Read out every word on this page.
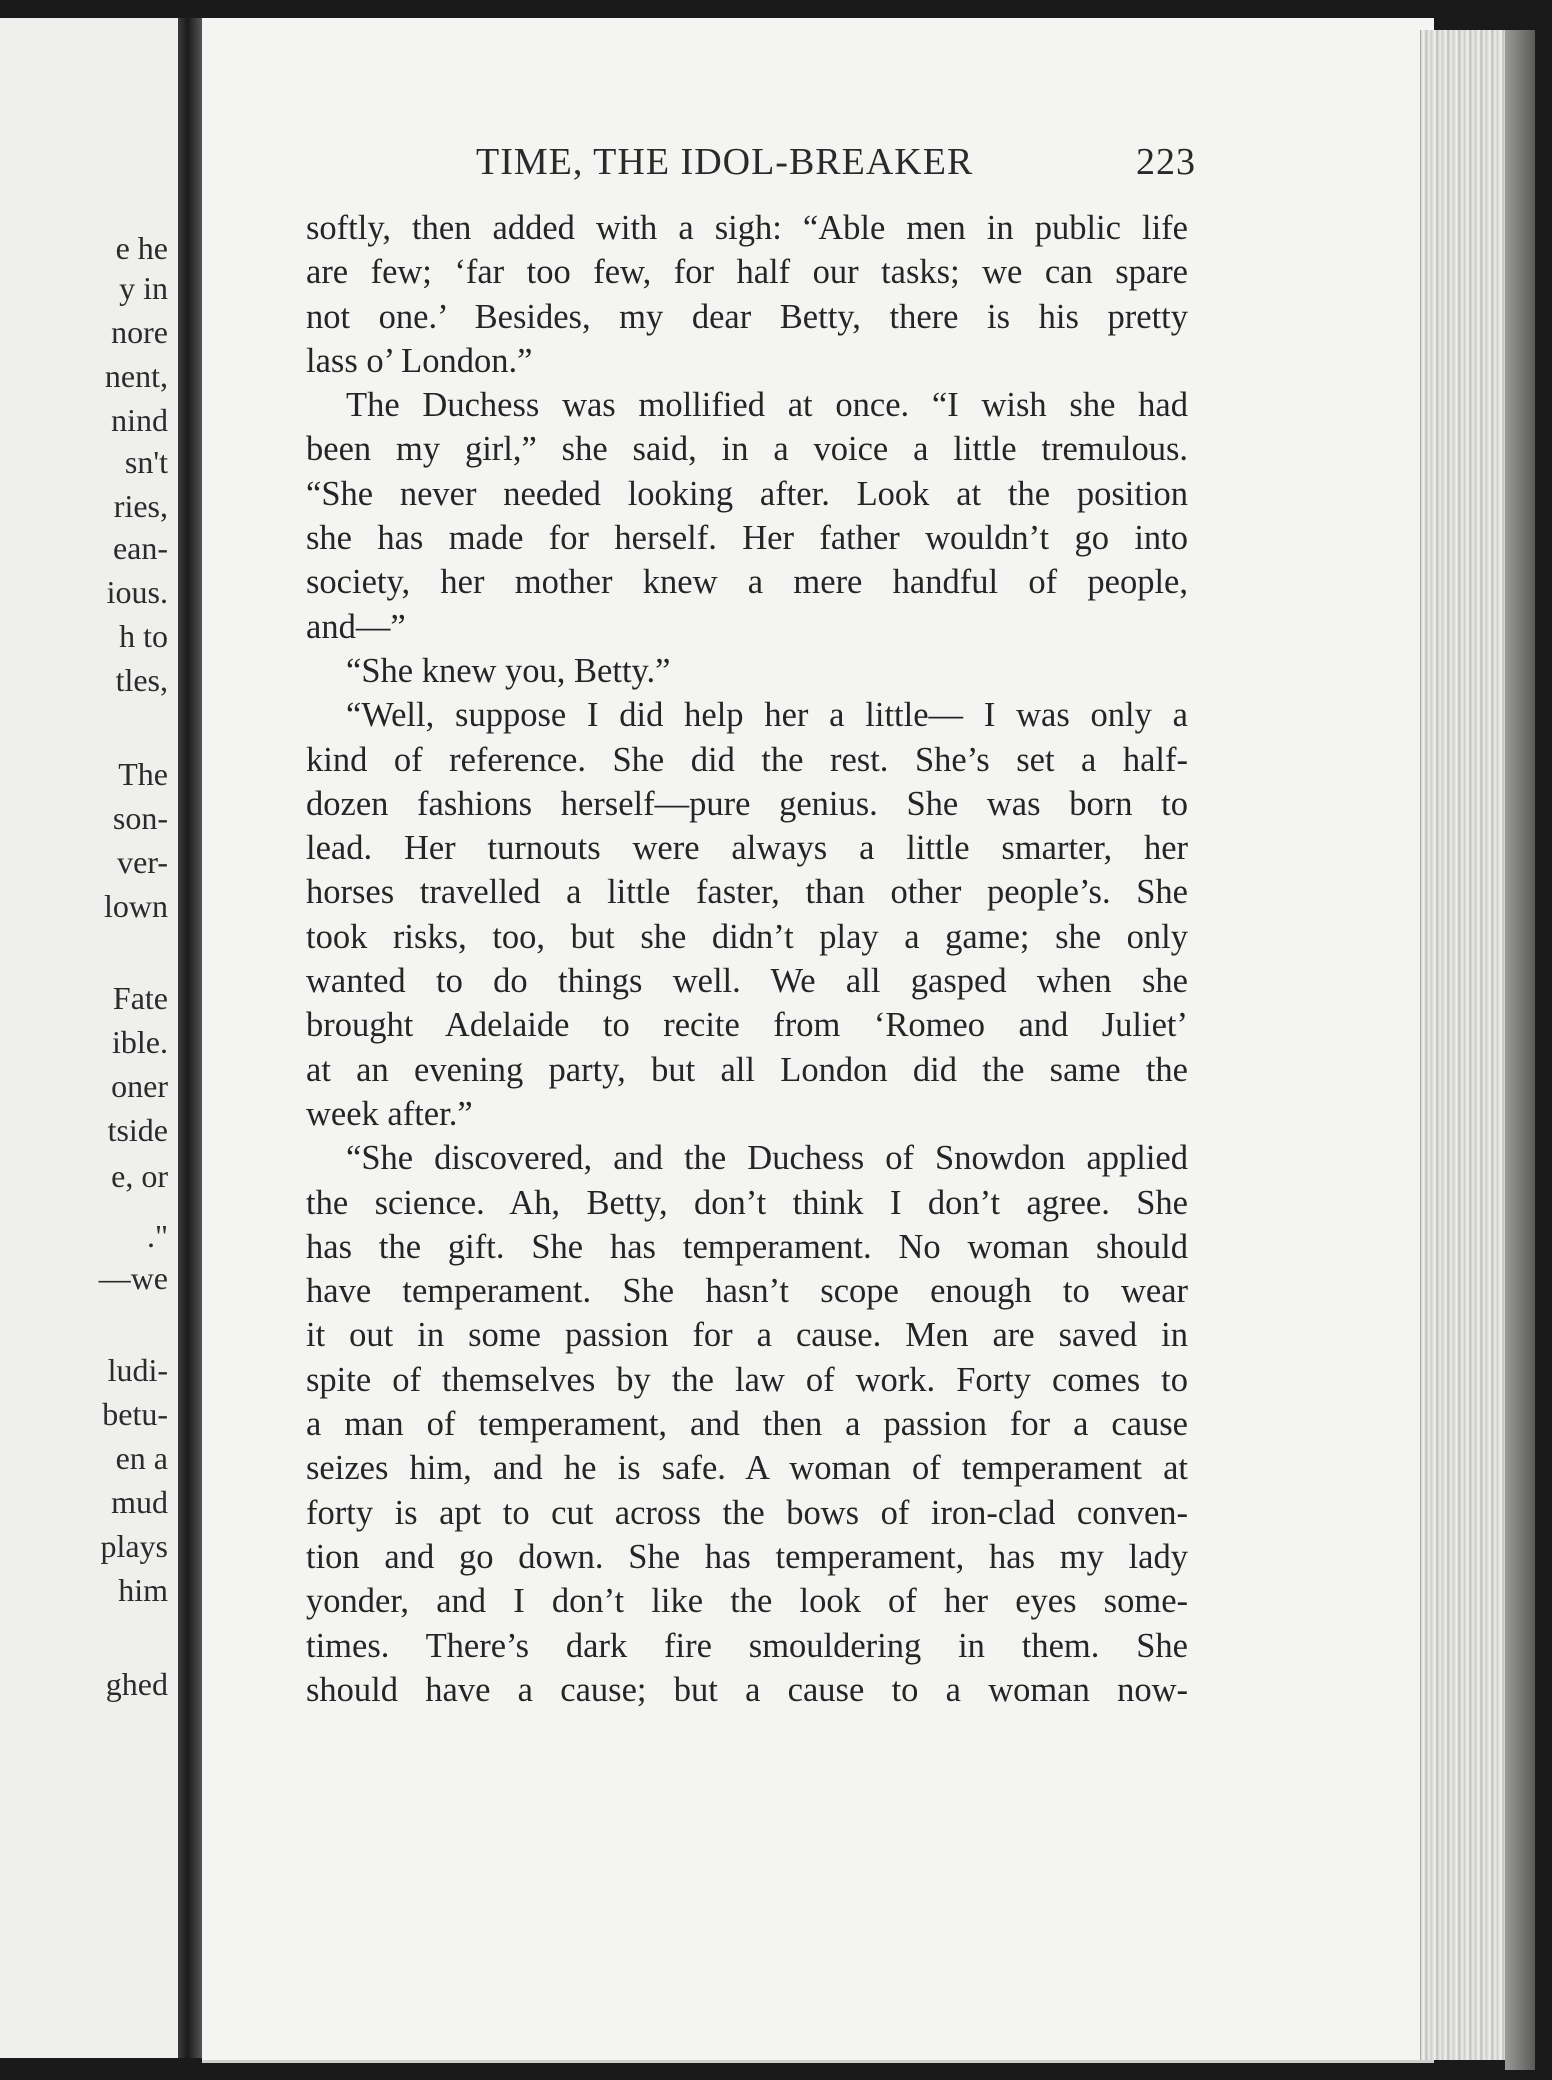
e he
y in
nore
nent,
nind
sn't
ries,
ean-
ious.
h to
tles,
The
son-
ver-
lown
Fate
ible.
oner
tside
e, or
."
—we
ludi-
betu-
en a
mud
plays
him
ghed
TIME, THE IDOL-BREAKER	223
softly, then added with a sigh: “Able men in public life
are few; ‘far too few, for half our tasks; we can spare
not one.’ Besides, my dear Betty, there is his pretty
lass o’ London.”
The Duchess was mollified at once. “I wish she had
been my girl,” she said, in a voice a little tremulous.
“She never needed looking after. Look at the position
she has made for herself. Her father wouldn’t go into
society, her mother knew a mere handful of people,
and—”
“She knew you, Betty.”
“Well, suppose I did help her a little— I was only a
kind of reference. She did the rest. She’s set a half-
dozen fashions herself—pure genius. She was born to
lead. Her turnouts were always a little smarter, her
horses travelled a little faster, than other people’s. She
took risks, too, but she didn’t play a game; she only
wanted to do things well. We all gasped when she
brought Adelaide to recite from ‘Romeo and Juliet’
at an evening party, but all London did the same the
week after.”
“She discovered, and the Duchess of Snowdon applied
the science. Ah, Betty, don’t think I don’t agree. She
has the gift. She has temperament. No woman should
have temperament. She hasn’t scope enough to wear
it out in some passion for a cause. Men are saved in
spite of themselves by the law of work. Forty comes to
a man of temperament, and then a passion for a cause
seizes him, and he is safe. A woman of temperament at
forty is apt to cut across the bows of iron-clad conven-
tion and go down. She has temperament, has my lady
yonder, and I don’t like the look of her eyes some-
times. There’s dark fire smouldering in them. She
should have a cause; but a cause to a woman now-
